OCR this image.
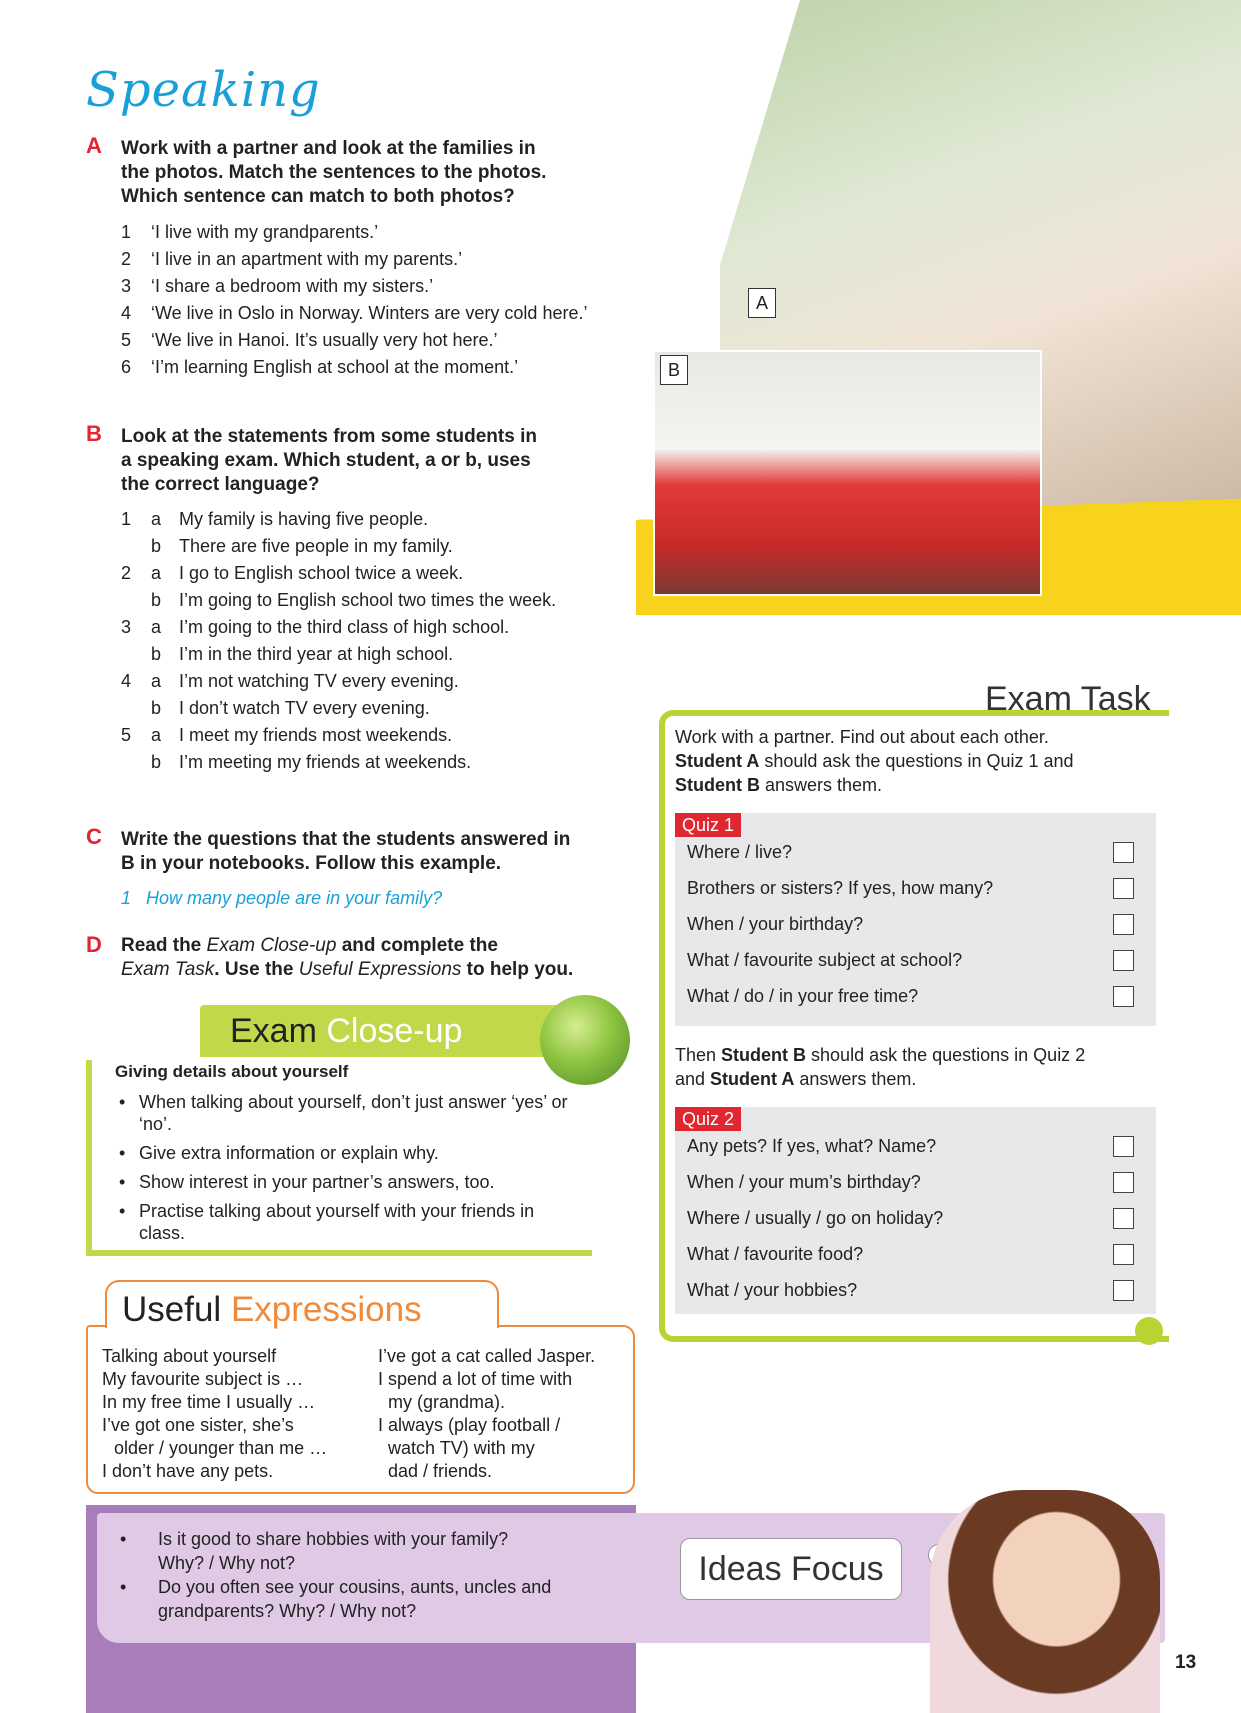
Speaking
A
B
A Work with a partner and look at the families in
the photos. Match the sentences to the photos.
Which sentence can match to both photos?
1 ‘I live with my grandparents.’
2 ‘I live in an apartment with my parents.’
3 ‘I share a bedroom with my sisters.’
4 ‘We live in Oslo in Norway. Winters are very cold here.’
5 ‘We live in Hanoi. It’s usually very hot here.’
6 ‘I’m learning English at school at the moment.’
B Look at the statements from some students in
a speaking exam. Which student, a or b, uses
the correct language?
1 a My family is having five people.
b There are five people in my family.
2 a I go to English school twice a week.
b I’m going to English school two times the week.
3 a I’m going to the third class of high school.
b I’m in the third year at high school.
4 a I’m not watching TV every evening.
b I don’t watch TV every evening.
5 a I meet my friends most weekends.
b I’m meeting my friends at weekends.
C Write the questions that the students answered in
B in your notebooks. Follow this example.
1 How many people are in your family?
D Read the Exam Close-up and complete the
Exam Task. Use the Useful Expressions to help you.
Exam Close-up
Giving details about yourself
• When talking about yourself, don’t just answer ‘yes’ or ‘no’.
• Give extra information or explain why.
• Show interest in your partner’s answers, too.
• Practise talking about yourself with your friends in class.
Useful Expressions
Talking about yourself
My favourite subject is …
In my free time I usually …
I’ve got one sister, she’s
older / younger than me …
I don’t have any pets.
I’ve got a cat called Jasper.
I spend a lot of time with
my (grandma).
I always (play football /
watch TV) with my
dad / friends.
Exam Task
Work with a partner. Find out about each other.
Student A should ask the questions in Quiz 1 and
Student B answers them.
Quiz 1
Where / live?
Brothers or sisters? If yes, how many?
When / your birthday?
What / favourite subject at school?
What / do / in your free time?
Then Student B should ask the questions in Quiz 2
and Student A answers them.
Quiz 2
Any pets? If yes, what? Name?
When / your mum’s birthday?
Where / usually / go on holiday?
What / favourite food?
What / your hobbies?
• Is it good to share hobbies with your family?
Why? / Why not?
• Do you often see your cousins, aunts, uncles and
grandparents? Why? / Why not?
Ideas Focus
13
